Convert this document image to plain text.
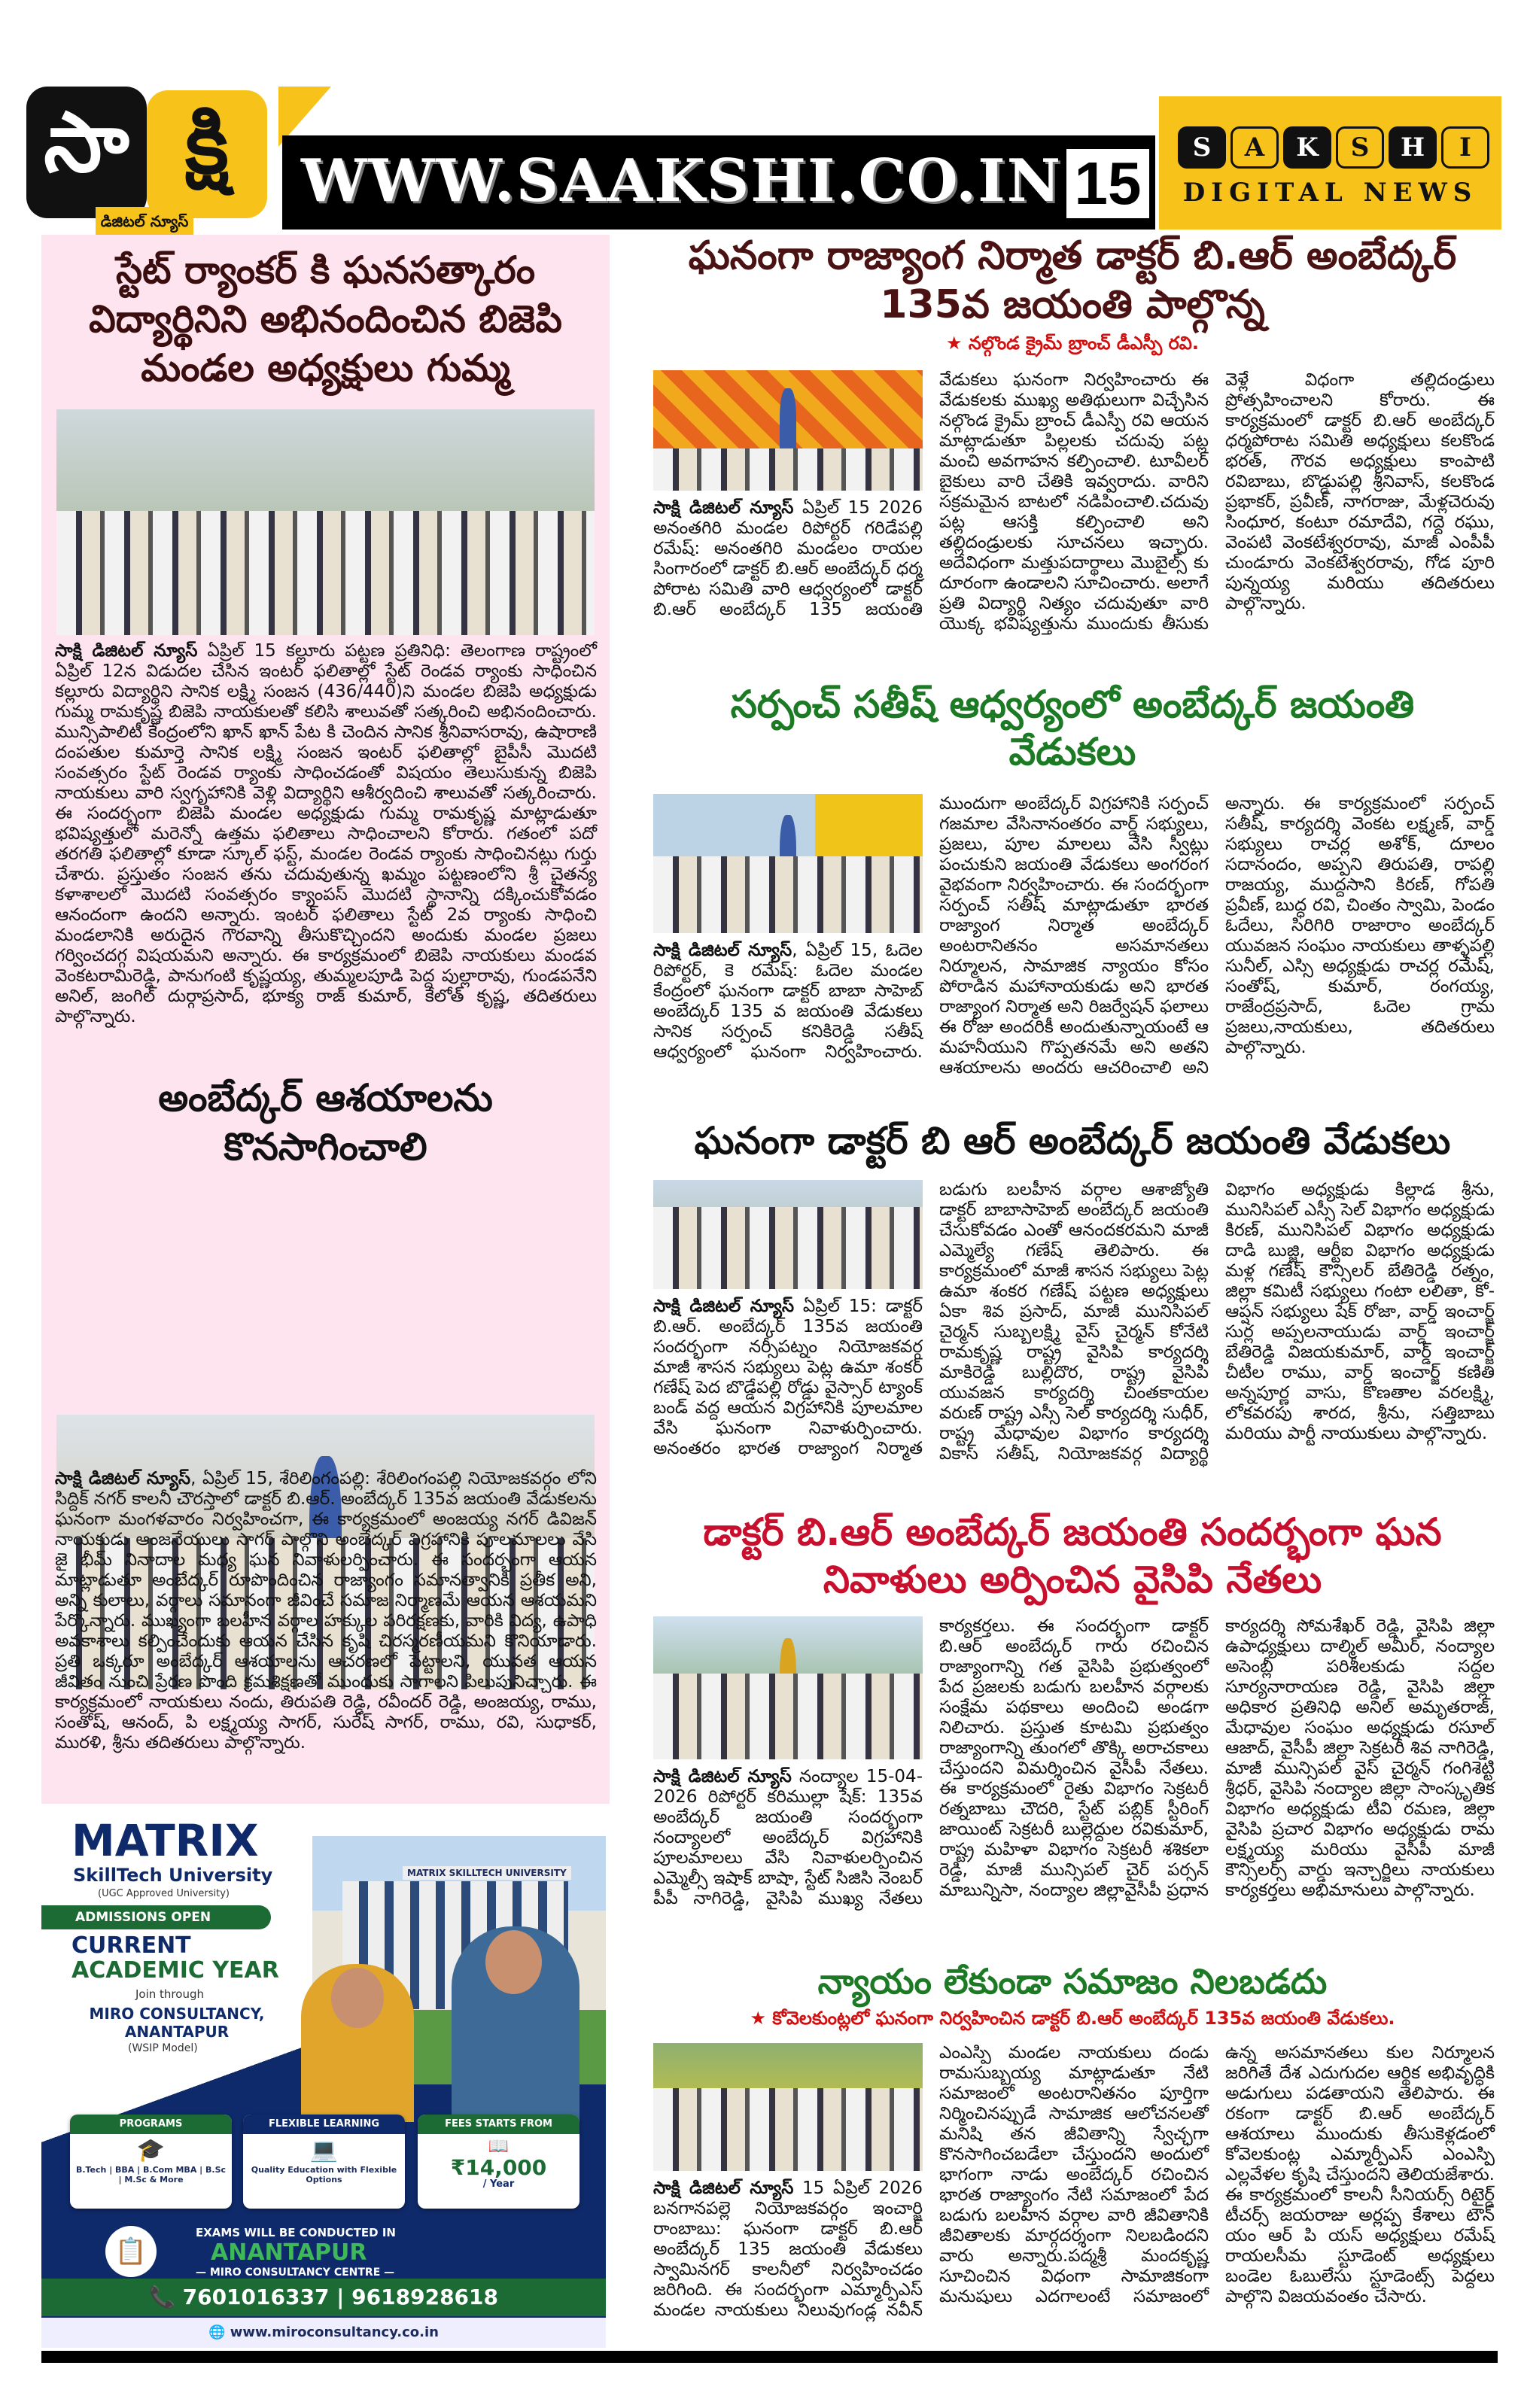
సా క్షి
డిజిటల్ న్యూస్
WWW.SAAKSHI.CO.IN 15
S	A	K	S	H	I
DIGITAL NEWS
స్టేట్ ర్యాంకర్ కి ఘనసత్కారం విద్యార్థినిని అభినందించిన బిజెపి మండల అధ్యక్షులు గుమ్మ
సాక్షి డిజిటల్ న్యూస్ ఏప్రిల్ 15 కల్లూరు పట్టణ ప్రతినిధి: తెలంగాణ రాష్ట్రంలో ఏప్రిల్ 12న విడుదల చేసిన ఇంటర్ ఫలితాల్లో స్టేట్ రెండవ ర్యాంకు సాధించిన కల్లూరు విద్యార్థిని సానిక లక్ష్మి సంజన (436/440)ని మండల బిజెపి అధ్యక్షుడు గుమ్మ రామకృష్ణ బిజెపి నాయకులతో కలిసి శాలువతో సత్కరించి అభినందించారు. మున్సిపాలిటీ కేంద్రంలోని ఖాన్ ఖాన్ పేట కి చెందిన సానిక శ్రీనివాసరావు, ఉషారాణి దంపతుల కుమార్తె సానిక లక్ష్మి సంజన ఇంటర్ ఫలితాల్లో బైపీసీ మొదటి సంవత్సరం స్టేట్ రెండవ ర్యాంకు సాధించడంతో విషయం తెలుసుకున్న బిజెపి నాయకులు వారి స్వగృహానికి వెళ్లి విద్యార్థిని ఆశీర్వదించి శాలువతో సత్కరించారు. ఈ సందర్భంగా బిజెపి మండల అధ్యక్షుడు గుమ్మ రామకృష్ణ మాట్లాడుతూ భవిష్యత్తులో మరెన్నో ఉత్తమ ఫలితాలు సాధించాలని కోరారు. గతంలో పదో తరగతి ఫలితాల్లో కూడా స్కూల్ ఫస్ట్, మండల రెండవ ర్యాంకు సాధించినట్లు గుర్తు చేశారు. ప్రస్తుతం సంజన తను చదువుతున్న ఖమ్మం పట్టణంలోని శ్రీ చైతన్య కళాశాలలో మొదటి సంవత్సరం క్యాంపస్ మొదటి స్థానాన్ని దక్కించుకోవడం ఆనందంగా ఉందని అన్నారు. ఇంటర్ ఫలితాలు స్టేట్ 2వ ర్యాంకు సాధించి మండలానికి అరుదైన గౌరవాన్ని తీసుకొచ్చిందని అందుకు మండల ప్రజలు గర్వించదగ్గ విషయమని అన్నారు. ఈ కార్యక్రమంలో బిజెపి నాయకులు మండవ వెంకటరామిరెడ్డి, పానుగంటి కృష్ణయ్య, తుమ్మలపూడి పెద్ద పుల్లారావు, గుండపనేని అనిల్, జంగిల్ దుర్గాప్రసాద్, భూక్య రాజ్ కుమార్, కేలోత్ కృష్ణ, తదితరులు పాల్గొన్నారు.
అంబేద్కర్ ఆశయాలను కొనసాగించాలి
సాక్షి డిజిటల్ న్యూస్, ఏప్రిల్ 15, శేరిలింగంపల్లి: శేరిలింగంపల్లి నియోజకవర్గం లోని సిద్దిక్ నగర్ కాలనీ చౌరస్తాలో డాక్టర్ బి.ఆర్. అంబేద్కర్ 135వ జయంతి వేడుకలను ఘనంగా మంగళవారం నిర్వహించగా, ఈ కార్యక్రమంలో అంజయ్య నగర్ డివిజన్ నాయకుడు ఆంజనేయులు సాగర్ పాల్గొని అంబేద్కర్ విగ్రహానికి పూలమాలలు వేసి జై భీమ్ నినాదాల మధ్య ఘన నివాళులర్పించారు. ఈ సందర్భంగా ఆయన మాట్లాడుతూ అంబేద్కర్ రూపొందించిన రాజ్యాంగం సమానత్వానికి ప్రతీక అని, అన్ని కులాలు, వర్గాలు సమానంగా జీవించే సమాజ నిర్మాణమే ఆయన ఆశయమని పేర్కొన్నారు. ముఖ్యంగా బలహీన వర్గాల హక్కుల పరిరక్షణకు, వారికి విద్య, ఉపాధి అవకాశాలు కల్పించేందుకు ఆయన చేసిన కృషి చిరస్మరణీయమని కొనియాడారు. ప్రతి ఒక్కరూ అంబేద్కర్ ఆశయాలను ఆచరణలో పెట్టాలని, యువత ఆయన జీవితం నుంచి ప్రేరణ పొంది క్రమశిక్షణతో ముందుకు సాగాలని పిలుపునిచ్చారు. ఈ కార్యక్రమంలో నాయకులు నందు, తిరుపతి రెడ్డి, రవీందర్ రెడ్డి, అంజయ్య, రాము, సంతోష్, ఆనంద్, పి లక్ష్మయ్య సాగర్, సురేష్ సాగర్, రాము, రవి, సుధాకర్, మురళి, శ్రీను తదితరులు పాల్గొన్నారు.
MATRIX SKILLTECH UNIVERSITY
MATRIX
SkillTech University
(UGC Approved University)
ADMISSIONS OPEN
CURRENT
ACADEMIC YEAR
Join through
MIRO CONSULTANCY, ANANTAPUR
(WSIP Model)
PROGRAMS
🎓
B.Tech | BBA | B.Com MBA | B.Sc | M.Sc & More
FLEXIBLE LEARNING
💻
Quality Education with Flexible Options
FEES STARTS FROM
📖
₹14,000
/ Year
📋
EXAMS WILL BE CONDUCTED IN
ANANTAPUR
— MIRO CONSULTANCY CENTRE —
📞 7601016337 | 9618928618
🌐 www.miroconsultancy.co.in
ఘనంగా రాజ్యాంగ నిర్మాత డాక్టర్ బి.ఆర్ అంబేద్కర్ 135వ జయంతి పాల్గొన్న
★ నల్గొండ క్రైమ్ బ్రాంచ్ డీఎస్పీ రవి.
సాక్షి డిజిటల్ న్యూస్ ఏప్రిల్ 15 2026 అనంతగిరి మండల రిపోర్టర్ గరిడేపల్లి రమేష్: అనంతగిరి మండలం రాయల సింగారంలో డాక్టర్ బి.ఆర్ అంబేద్కర్ ధర్మ పోరాట సమితి వారి ఆధ్వర్యంలో డాక్టర్ బి.ఆర్ అంబేద్కర్ 135 జయంతి వేడుకలు ఘనంగా నిర్వహించారు ఈ వేడుకలకు ముఖ్య అతిథులుగా విచ్చేసిన నల్గొండ క్రైమ్ బ్రాంచ్ డీఎస్పీ రవి ఆయన మాట్లాడుతూ పిల్లలకు చదువు పట్ల మంచి అవగాహన కల్పించాలి. టూవీలర్ బైకులు వారి చేతికి ఇవ్వరాదు. వారిని సక్రమమైన బాటలో నడిపించాలి.చదువు పట్ల ఆసక్తి కల్పించాలి అని తల్లిదండ్రులకు సూచనలు ఇచ్చారు. అదేవిధంగా మత్తుపదార్థాలు మొబైల్స్ కు దూరంగా ఉండాలని సూచించారు. అలాగే ప్రతి విద్యార్థి నిత్యం చదువుతూ వారి యొక్క భవిష్యత్తును ముందుకు తీసుకు వెళ్లే విధంగా తల్లిదండ్రులు ప్రోత్సహించాలని కోరారు. ఈ కార్యక్రమంలో డాక్టర్ బి.ఆర్ అంబేద్కర్ ధర్మపోరాట సమితి అధ్యక్షులు కలకొండ భరత్, గౌరవ అధ్యక్షులు కాంపాటి రవిబాబు, బొడ్డుపల్లి శ్రీనివాస్, కలకొండ ప్రభాకర్, ప్రవీణ్, నాగరాజు, మేళ్లచెరువు సింధూర, కంటూ రమాదేవి, గద్దె రఘు, వెంపటి వెంకటేశ్వరరావు, మాజీ ఎంపీపీ చుండూరు వెంకటేశ్వరరావు, గోడ పూరి పున్నయ్య మరియు తదితరులు పాల్గొన్నారు.
సర్పంచ్ సతీష్ ఆధ్వర్యంలో అంబేద్కర్ జయంతి వేడుకలు
సాక్షి డిజిటల్ న్యూస్, ఏప్రిల్ 15, ఓదెల రిపోర్టర్, కె రమేష్: ఓదెల మండల కేంద్రంలో ఘనంగా డాక్టర్ బాబా సాహెబ్ అంబేద్కర్ 135 వ జయంతి వేడుకలు సానిక సర్పంచ్ కనికిరెడ్డి సతీష్ ఆధ్వర్యంలో ఘనంగా నిర్వహించారు. ముందుగా అంబేద్కర్ విగ్రహానికి సర్పంచ్ గజమాల వేసినానంతరం వార్డ్ సభ్యులు, ప్రజలు, పూల మాలలు వేసి స్వీట్లు పంచుకుని జయంతి వేడుకలు అంగరంగ వైభవంగా నిర్వహించారు. ఈ సందర్భంగా సర్పంచ్ సతీష్ మాట్లాడుతూ భారత రాజ్యాంగ నిర్మాత అంబేద్కర్ అంటరానితనం అసమానతలు నిర్మూలన, సామాజిక న్యాయం కోసం పోరాడిన మహానాయకుడు అని భారత రాజ్యాంగ నిర్మాత అని రిజర్వేషన్ ఫలాలు ఈ రోజు అందరికీ అందుతున్నాయంటే ఆ మహనీయుని గొప్పతనమే అని అతని ఆశయాలను అందరు ఆచరించాలి అని అన్నారు. ఈ కార్యక్రమంలో సర్పంచ్ సతీష్, కార్యదర్శి వెంకట లక్ష్మణ్, వార్డ్ సభ్యులు రాచర్ల అశోక్, దూలం సదానందం, అప్పని తిరుపతి, రాపల్లి రాజయ్య, ముద్దసాని కిరణ్, గోపతి ప్రవీణ్, బుద్ధ రవి, చింతం స్వామి, పెండం ఓదేలు, సిరిగిరి రాజారాం అంబేద్కర్ యువజన సంఘం నాయకులు తాళ్ళపల్లి సునీల్, ఎస్సి అధ్యక్షుడు రాచర్ల రమేష్, సంతోష్, కుమార్, రంగయ్య, రాజేంద్రప్రసాద్, ఓదెల గ్రామ ప్రజలు,నాయకులు, తదితరులు పాల్గొన్నారు.
ఘనంగా డాక్టర్ బి ఆర్ అంబేద్కర్ జయంతి వేడుకలు
సాక్షి డిజిటల్ న్యూస్ ఏప్రిల్ 15: డాక్టర్ బి.ఆర్. అంబేద్కర్ 135వ జయంతి సందర్భంగా నర్సీపట్నం నియోజకవర్గ మాజీ శాసన సభ్యులు పెట్ల ఉమా శంకర్ గణేష్ పెద బొడ్డేపల్లి రోడ్డు వైస్సార్ ట్యాంక్ బండ్ వద్ద ఆయన విగ్రహానికి పూలమాల వేసి ఘనంగా నివాళుర్పించారు. అనంతరం భారత రాజ్యాంగ నిర్మాత బడుగు బలహీన వర్గాల ఆశాజ్యోతి డాక్టర్ బాబాసాహెబ్ అంబేద్కర్ జయంతి చేసుకోవడం ఎంతో ఆనందకరమని మాజీ ఎమ్మెల్యే గణేష్ తెలిపారు. ఈ కార్యక్రమంలో మాజీ శాసన సభ్యులు పెట్ల ఉమా శంకర గణేష్ పట్టణ అధ్యక్షులు ఏకా శివ ప్రసాద్, మాజీ మునిసిపల్ చైర్మన్ సుబ్బలక్ష్మి వైస్ చైర్మన్ కోనేటి రామకృష్ణ రాష్ట్ర వైసిపి కార్యదర్శి మాకిరెడ్డి బుల్లిదొర, రాష్ట్ర వైసిపి యువజన కార్యదర్శి చింతకాయల వరుణ్ రాష్ట్ర ఎస్సీ సెల్ కార్యదర్శి సుధీర్, రాష్ట్ర మేధావుల విభాగం కార్యదర్శి వికాస్ సతీష్, నియోజకవర్గ విద్యార్థి విభాగం అధ్యక్షుడు కిల్లాడ శ్రీను, మునిసిపల్ ఎస్సీ సెల్ విభాగం అధ్యక్షుడు కిరణ్, మునిసిపల్ విభాగం అధ్యక్షుడు దాడి బుజ్జి, ఆర్టీఐ విభాగం అధ్యక్షుడు మళ్ల గణేష్ కౌన్సిలర్ బేతిరెడ్డి రత్నం, జిల్లా కమిటీ సభ్యులు గంటా లలితా, కో-ఆప్షన్ సభ్యులు షేక్ రోజా, వార్డ్ ఇంచార్జ్ సుర్ల అప్పలనాయుడు వార్డ్ ఇంచార్జ్ బేతిరెడ్డి విజయకుమార్, వార్డ్ ఇంచార్జ్ చీటీల రాము, వార్డ్ ఇంచార్జ్ కణితి అన్నపూర్ణ వాసు, కొణతాల వరలక్ష్మి, లోకవరపు శారద, శ్రీను, సత్తిబాబు మరియు పార్టీ నాయుకులు పాల్గొన్నారు.
డాక్టర్ బి.ఆర్ అంబేద్కర్ జయంతి సందర్భంగా ఘన నివాళులు అర్పించిన వైసిపి నేతలు
సాక్షి డిజిటల్ న్యూస్ నంద్యాల 15-04-2026 రిపోర్టర్ కరిముల్లా షేక్: 135వ అంబేద్కర్ జయంతి సందర్భంగా నంద్యాలలో అంబేద్కర్ విగ్రహానికి పూలమాలలు వేసి నివాళులర్పించిన ఎమ్మెల్సీ ఇషాక్ బాషా, స్టేట్ సిజిసి నెంబర్ పీపీ నాగిరెడ్డి, వైసిపి ముఖ్య నేతలు కార్యకర్తలు. ఈ సందర్భంగా డాక్టర్ బి.ఆర్ అంబేద్కర్ గారు రచించిన రాజ్యాంగాన్ని గత వైసిపి ప్రభుత్వంలో పేద ప్రజలకు బడుగు బలహీన వర్గాలకు సంక్షేమ పథకాలు అందించి అండగా నిలిచారు. ప్రస్తుత కూటమి ప్రభుత్వం రాజ్యాంగాన్ని తుంగలో తొక్కి అరాచకాలు చేస్తుందని విమర్శించిన వైసీపీ నేతలు. ఈ కార్యక్రమంలో రైతు విభాగం సెక్రటరీ రత్నబాబు చౌదరి, స్టేట్ పబ్లిక్ స్టీరింగ్ జాయింట్ సెక్రటరీ బుల్లెద్దుల రవికుమార్, రాష్ట్ర మహిళా విభాగం సెక్రటరీ శశికలా రెడ్డి, మాజీ మున్సిపల్ చైర్ పర్సన్ మాబున్నిసా, నంద్యాల జిల్లావైసీపీ ప్రధాన కార్యదర్శి సోమశేఖర్ రెడ్డి, వైసిపి జిల్లా ఉపాధ్యక్షులు దాల్మిల్ అమీర్, నంద్యాల అసెంబ్లీ పరిశీలకుడు సద్దల సూర్యనారాయణ రెడ్డి, వైసిపి జిల్లా అధికార ప్రతినిధి అనిల్ అమృతరాజ్, మేధావుల సంఘం అధ్యక్షుడు రసూల్ ఆజాద్, వైసీపీ జిల్లా సెక్రటరీ శివ నాగిరెడ్డి, మాజీ మున్సిపల్ వైస్ చైర్మన్ గంగిశెట్టి శ్రీధర్, వైసిపి నంద్యాల జిల్లా సాంస్కృతిక విభాగం అధ్యక్షుడు టీవి రమణ, జిల్లా వైసిపి ప్రచార విభాగం అధ్యక్షుడు రామ లక్ష్మయ్య మరియు వైసీపీ మాజీ కౌన్సిలర్స్ వార్డు ఇన్చార్జిలు నాయకులు కార్యకర్తలు అభిమానులు పాల్గొన్నారు.
న్యాయం లేకుండా సమాజం నిలబడదు
★ కోవెలకుంట్లలో ఘనంగా నిర్వహించిన డాక్టర్ బి.ఆర్ అంబేద్కర్ 135వ జయంతి వేడుకలు.
సాక్షి డిజిటల్ న్యూస్ 15 ఏప్రిల్ 2026 బనగానపల్లె నియోజకవర్గం ఇంచార్జి రాంబాబు: ఘనంగా డాక్టర్ బి.ఆర్ అంబేద్కర్ 135 జయంతి వేడుకలు స్వామినగర్ కాలనీలో నిర్వహించడం జరిగింది. ఈ సందర్భంగా ఎమ్మార్పీఎస్ మండల నాయకులు నిలువుగండ్ల నవీన్ ఎంఎస్పి మండల నాయకులు దండు రామసుబ్బయ్య మాట్లాడుతూ నేటి సమాజంలో అంటరానితనం పూర్తిగా నిర్మించినప్పుడే సామాజిక ఆలోచనలతో మనిషి తన జీవితాన్ని స్వేచ్ఛగా కొనసాగించబడేలా చేస్తుందని అందులో భాగంగా నాడు అంబేద్కర్ రచించిన భారత రాజ్యాంగం నేటి సమాజంలో పేద బడుగు బలహీన వర్గాల వారి జీవితానికి జీవితాలకు మార్గదర్శంగా నిలబడిందని వారు అన్నారు.పద్మశ్రీ మందకృష్ణ సూచించిన విధంగా సామాజికంగా మనుషులు ఎదగాలంటే సమాజంలో ఉన్న అసమానతలు కుల నిర్మూలన జరిగితే దేశ ఎదుగుదల ఆర్థిక అభివృద్ధికి అడుగులు పడతాయని తెలిపారు. ఈ రకంగా డాక్టర్ బి.ఆర్ అంబేద్కర్ ఆశయాలు ముందుకు తీసుకెళ్లడంలో కోవెలకుంట్ల ఎమ్మార్పీఎస్ ఎంఎస్పి ఎల్లవేళల కృషి చేస్తుందని తెలియజేశారు. ఈ కార్యక్రమంలో కాలనీ సీనియర్స్ రిటైర్డ్ టీచర్స్ జయరాజు అర్లప్ప కేశాలు టౌన్ యం ఆర్ పి యస్ అధ్యక్షులు రమేష్ రాయలసీమ స్టూడెంట్ అధ్యక్షులు బండెల ఓబులేసు స్టూడెంట్స్ పెద్దలు పాల్గొని విజయవంతం చేసారు.
